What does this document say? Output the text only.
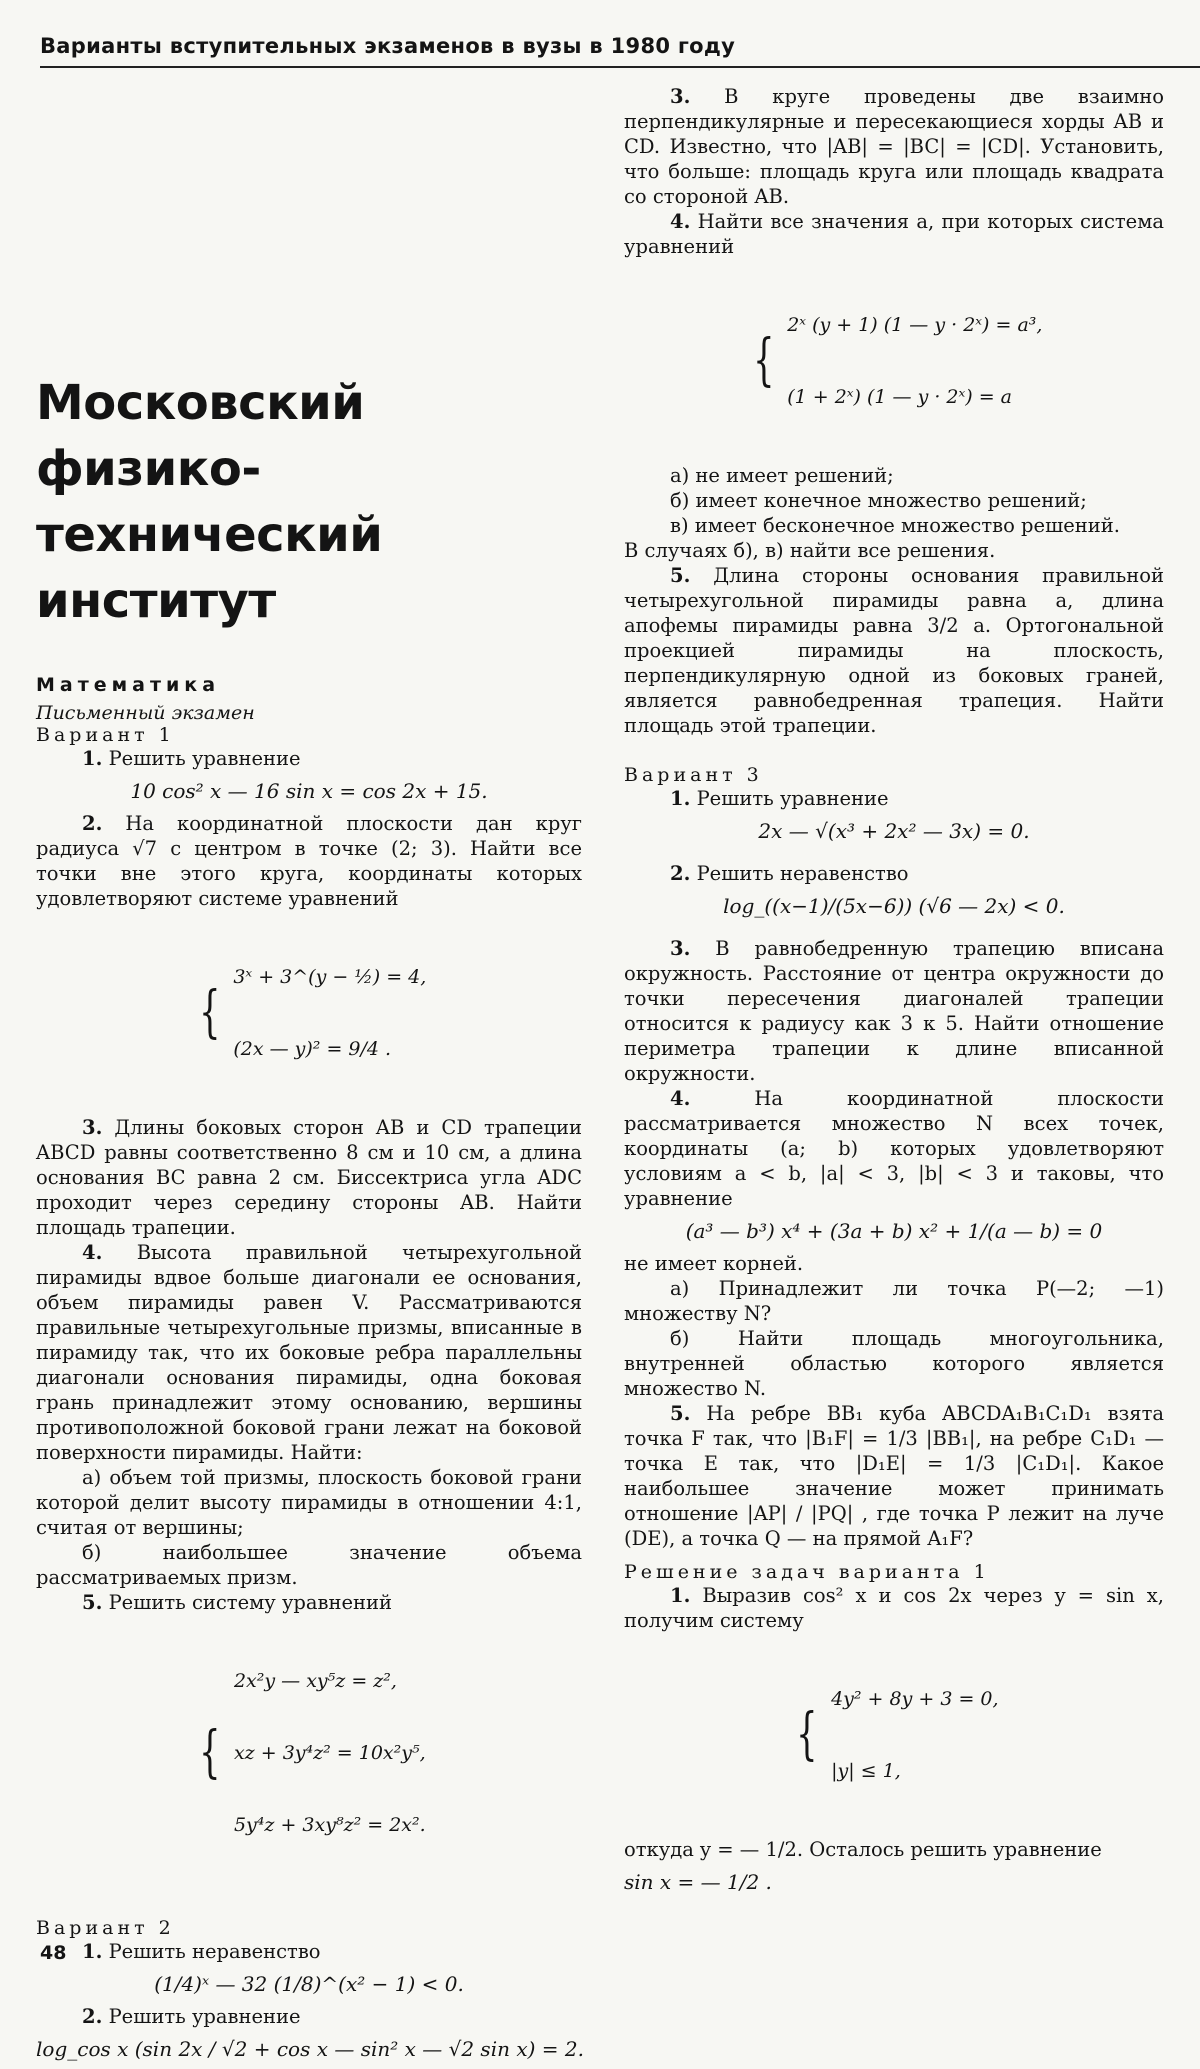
Варианты вступительных экзаменов в вузы в 1980 году
Московский
физико-технический
институт
Математика
Письменный экзамен
Вариант 1

1. Решить уравнение

10 cos² x — 16 sin x = cos 2x + 15.

2. На координатной плоскости дан круг радиуса √7 с центром в точке (2; 3). Найти все точки вне этого круга, координаты которых удовлетворяют системе уравнений

{

3ˣ + 3^(y − ½) = 4,

(2x — y)² = 9/4 .

3. Длины боковых сторон AB и CD трапеции ABCD равны соответственно 8 см и 10 см, а длина основания BC равна 2 см. Биссектриса угла ADC проходит через середину стороны AB. Найти площадь трапеции.

4. Высота правильной четырехугольной пирамиды вдвое больше диагонали ее основания, объем пирамиды равен V. Рассматриваются правильные четырехугольные призмы, вписанные в пирамиду так, что их боковые ребра параллельны диагонали основания пирамиды, одна боковая грань принадлежит этому основанию, вершины противоположной боковой грани лежат на боковой поверхности пирамиды. Найти:

а) объем той призмы, плоскость боковой грани которой делит высоту пирамиды в отношении 4:1, считая от вершины;

б) наибольшее значение объема рассматриваемых призм.

5. Решить систему уравнений

{

2x²y — xy⁵z = z²,

xz + 3y⁴z² = 10x²y⁵,

5y⁴z + 3xy⁸z² = 2x².

Вариант 2

1. Решить неравенство

(1/4)ˣ — 32 (1/8)^(x² − 1) < 0.

2. Решить уравнение

log_cos x (sin 2x / √2 + cos x — sin² x — √2 sin x) = 2.

3. В круге проведены две взаимно перпендикулярные и пересекающиеся хорды AB и CD. Известно, что |AB| = |BC| = |CD|. Установить, что больше: площадь круга или площадь квадрата со стороной AB.

4. Найти все значения a, при которых система уравнений

{

2ˣ (y + 1) (1 — y · 2ˣ) = a³,

(1 + 2ˣ) (1 — y · 2ˣ) = a

а) не имеет решений;

б) имеет конечное множество решений;

в) имеет бесконечное множество решений.

В случаях б), в) найти все решения.

5. Длина стороны основания правильной четырехугольной пирамиды равна a, длина апофемы пирамиды равна 3/2 a. Ортогональной проекцией пирамиды на плоскость, перпендикулярную одной из боковых граней, является равнобедренная трапеция. Найти площадь этой трапеции.

Вариант 3

1. Решить уравнение

2x — √(x³ + 2x² — 3x) = 0.

2. Решить неравенство

log_((x−1)/(5x−6)) (√6 — 2x) < 0.

3. В равнобедренную трапецию вписана окружность. Расстояние от центра окружности до точки пересечения диагоналей трапеции относится к радиусу как 3 к 5. Найти отношение периметра трапеции к длине вписанной окружности.

4.	На координатной плоскости рассматривается множество N всех точек, координаты (a; b) которых удовлетворяют условиям a < b, |a| < 3, |b| < 3 и таковы, что уравнение

(a³ — b³) x⁴ + (3a + b) x² + 1/(a — b) = 0

не имеет корней.

а) Принадлежит ли точка P(—2; —1) множеству N?

б) Найти площадь многоугольника, внутренней областью которого является множество N.

5. На ребре BB₁ куба ABCDA₁B₁C₁D₁ взята точка F так, что |B₁F| = 1/3 |BB₁|, на ребре C₁D₁ — точка E так, что |D₁E| = 1/3 |C₁D₁|. Какое наибольшее значение может принимать отношение |AP| / |PQ| , где точка P лежит на луче (DE), а точка Q — на прямой A₁F?

Решение задач варианта 1

1. Выразив cos² x и cos 2x через y = sin x, получим систему

{

4y² + 8y + 3 = 0,

|y| ≤ 1,

откуда y = — 1/2. Осталось решить уравнение

sin x = — 1/2 .
48
